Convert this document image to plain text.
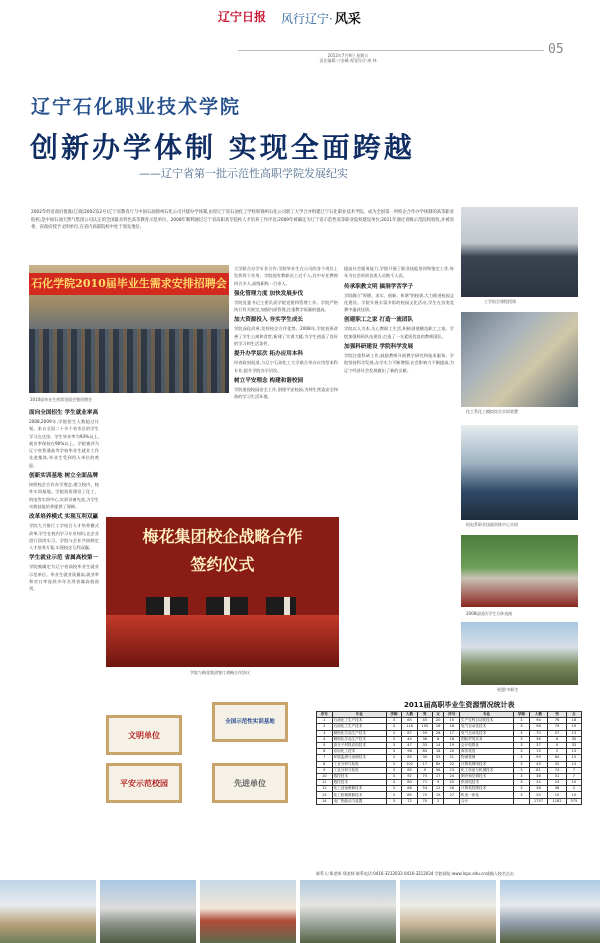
辽宁日报 风行辽宁· 风采
05
2012年7月9日 星期五
责任编辑:刁金峰 视觉设计:康 林
辽宁石化职业技术学院
创新办学体制 实现全面跨越
——辽宁省第一批示范性高职学院发展纪实
2002年经省政府批准(辽政[2002]12号)辽宁省教育厅与中国石油锦州石化公司共建办学体制,由原辽宁省石油化工学校和锦州石化公司职工大学合并组建辽宁石化职业技术学院。成为全国第一所校企合作办学体制的高等职业院校;是中国石油天然气集团公司认定的全国最具特色高等教育示范单位。2008年顺利通过辽宁省高职高专院校人才培养工作评估;2009年被确定为辽宁省示范性高等职业院校建设单位;2011年通过省级示范院校验收,并被省委、省政府授予文明单位,在省内高职院校中处于领先地位。
石化学院2010届毕业生需求安排招聘会
2010届毕业生供需见面会暨招聘会
面向全国招生 学生就业率高
2008,2009年,学院招生人数超过计划。来自全国二十多个省市区的学生学习在这里。学生毕业率为93%以上,就业率保持在90%以上。学院被评为辽宁省普通高等学校毕业生就业工作先进集体,毕业生受到用人单位的欢迎。
创新实训基地 树立全面品牌
按照校企合作办学理念,建立校内、校外实训基地。学院投资建设了化工、机电等实训中心,实训设备先进,为学生实践技能培养提供了保障。
改革培养模式 实现互利双赢
学院大力推行工学结合人才培养模式改革,学生在校内学习专业知识,在企业进行顶岗实习。学院与企业共同制定人才培养方案,实现校企互利双赢。
学生就业示范 省属高校第一
学院被确定为辽宁省高校毕业生就业示范单位。毕业生就业质量高,就业率和对口率连续多年名列省属高校前列。
大学联合办学专业合作,学院毕业生在公司的各个岗位上发挥骨干作用。学院现有教职员工近千人,其中专任教师四百多人,高级职称一百余人。
强化管理力度 加快发展步伐
学院党委书记主要负责学院党建和管理工作。学院严格执行有关规定,加强内部管理,注重教学质量的提高。
加大资源投入 夯实学生成长
学院深化改革,发挥校企合作优势。2008年,学院投资改善了学生公寓和食堂,新建了实训大楼,为学生创造了良好的学习和生活条件。
提升办学层次 拓办应用本科
经省政府批准,与辽宁石油化工大学联合举办应用型本科专业,提升学院办学层次。
树立平安理念 构建和谐校园
学院重视校园安全工作,创建平安校园,为师生营造安全和谐的学习生活环境。
提高社会服务能力,学院开展了职业技能培训和鉴定工作,每年为社会培训各类人员数千人次。
传承职教文明 搞洞学苦学子
学院确立"厚德、求实、创新、和谐"的校训,大力推进校园文化建设。学院开展丰富多彩的校园文化活动,学生在各类竞赛中屡获佳绩。
创建职工之家 打造一流团队
学院以人为本,关心教职工生活,积极创建模范职工之家。学院加强师资队伍建设,打造了一支素质优良的教师团队。
加强科研建设 学院科学发展
学院注重科研工作,鼓励教师开展教学研究和技术服务。学院坚持科学发展,办学实力不断增强,社会影响力不断提高,为辽宁经济社会发展做出了新的贡献。
梅花集团校企战略合作
签约仪式
学院与梅花集团签订战略合作协议
文明单位
全国示范性实训基地
平安示范校园	先进单位
工学结合课程授课
化工系化工模拟综合实训装置
机电系职业技能训练中心实训
2008届国庆学生方阵表演
展翅:中职生
2011届高职毕业生资源情况统计表
序号	专业	学制	人数	男	女	序号	专业	学制	人数	男	女
1	石油化工生产技术	3	65	45	20	15	生产过程自动化技术	3	94	76	18
2	石油化工生产技术	3	116	100	16	16	电气自动化技术	3	98	79	19
3	精细化学品生产技术	3	87	59	28	17	电气自动化技术	3	70	57	13
4	精细化学品生产技术	3	44	36	8	18	国际贸易实务	3	36	6	30
5	高分子材料应用技术	3	47	33	14	19	会计电算化	3	37	4	33
6	应用化工技术	3	98	80	18	20	商务英语	3	15	2	13
7	环境监测与治理技术	3	85	30	55	21	物流管理	3	99	84	15
8	工业分析与检验	3	102	17	85	22	计算机网络技术	3	45	32	13
9	工业分析与检验	3	65	9	56	23	化工设备与机械技术	3	81	74	7
10	数控技术	3	92	75	17	24	制冷和空调技术	3	38	31	7
11	数控技术	3	80	71	9	25	供用电技术	3	34	24	10
12	化工设备维修技术	3	66	54	12	26	计算机控制技术	3	38	36	2
13	化工机械维修技术	3	89	70	19	27	机电一体化	3	20	10	10
14	电厂热能动力装置	3	72	70	2		合计		1757	1182	575
联系人:郑老师 郑老师 联系电话:0416-3212033 0416-3212034 学院网址:www.lnpc.edu.cn或输入校名点击
